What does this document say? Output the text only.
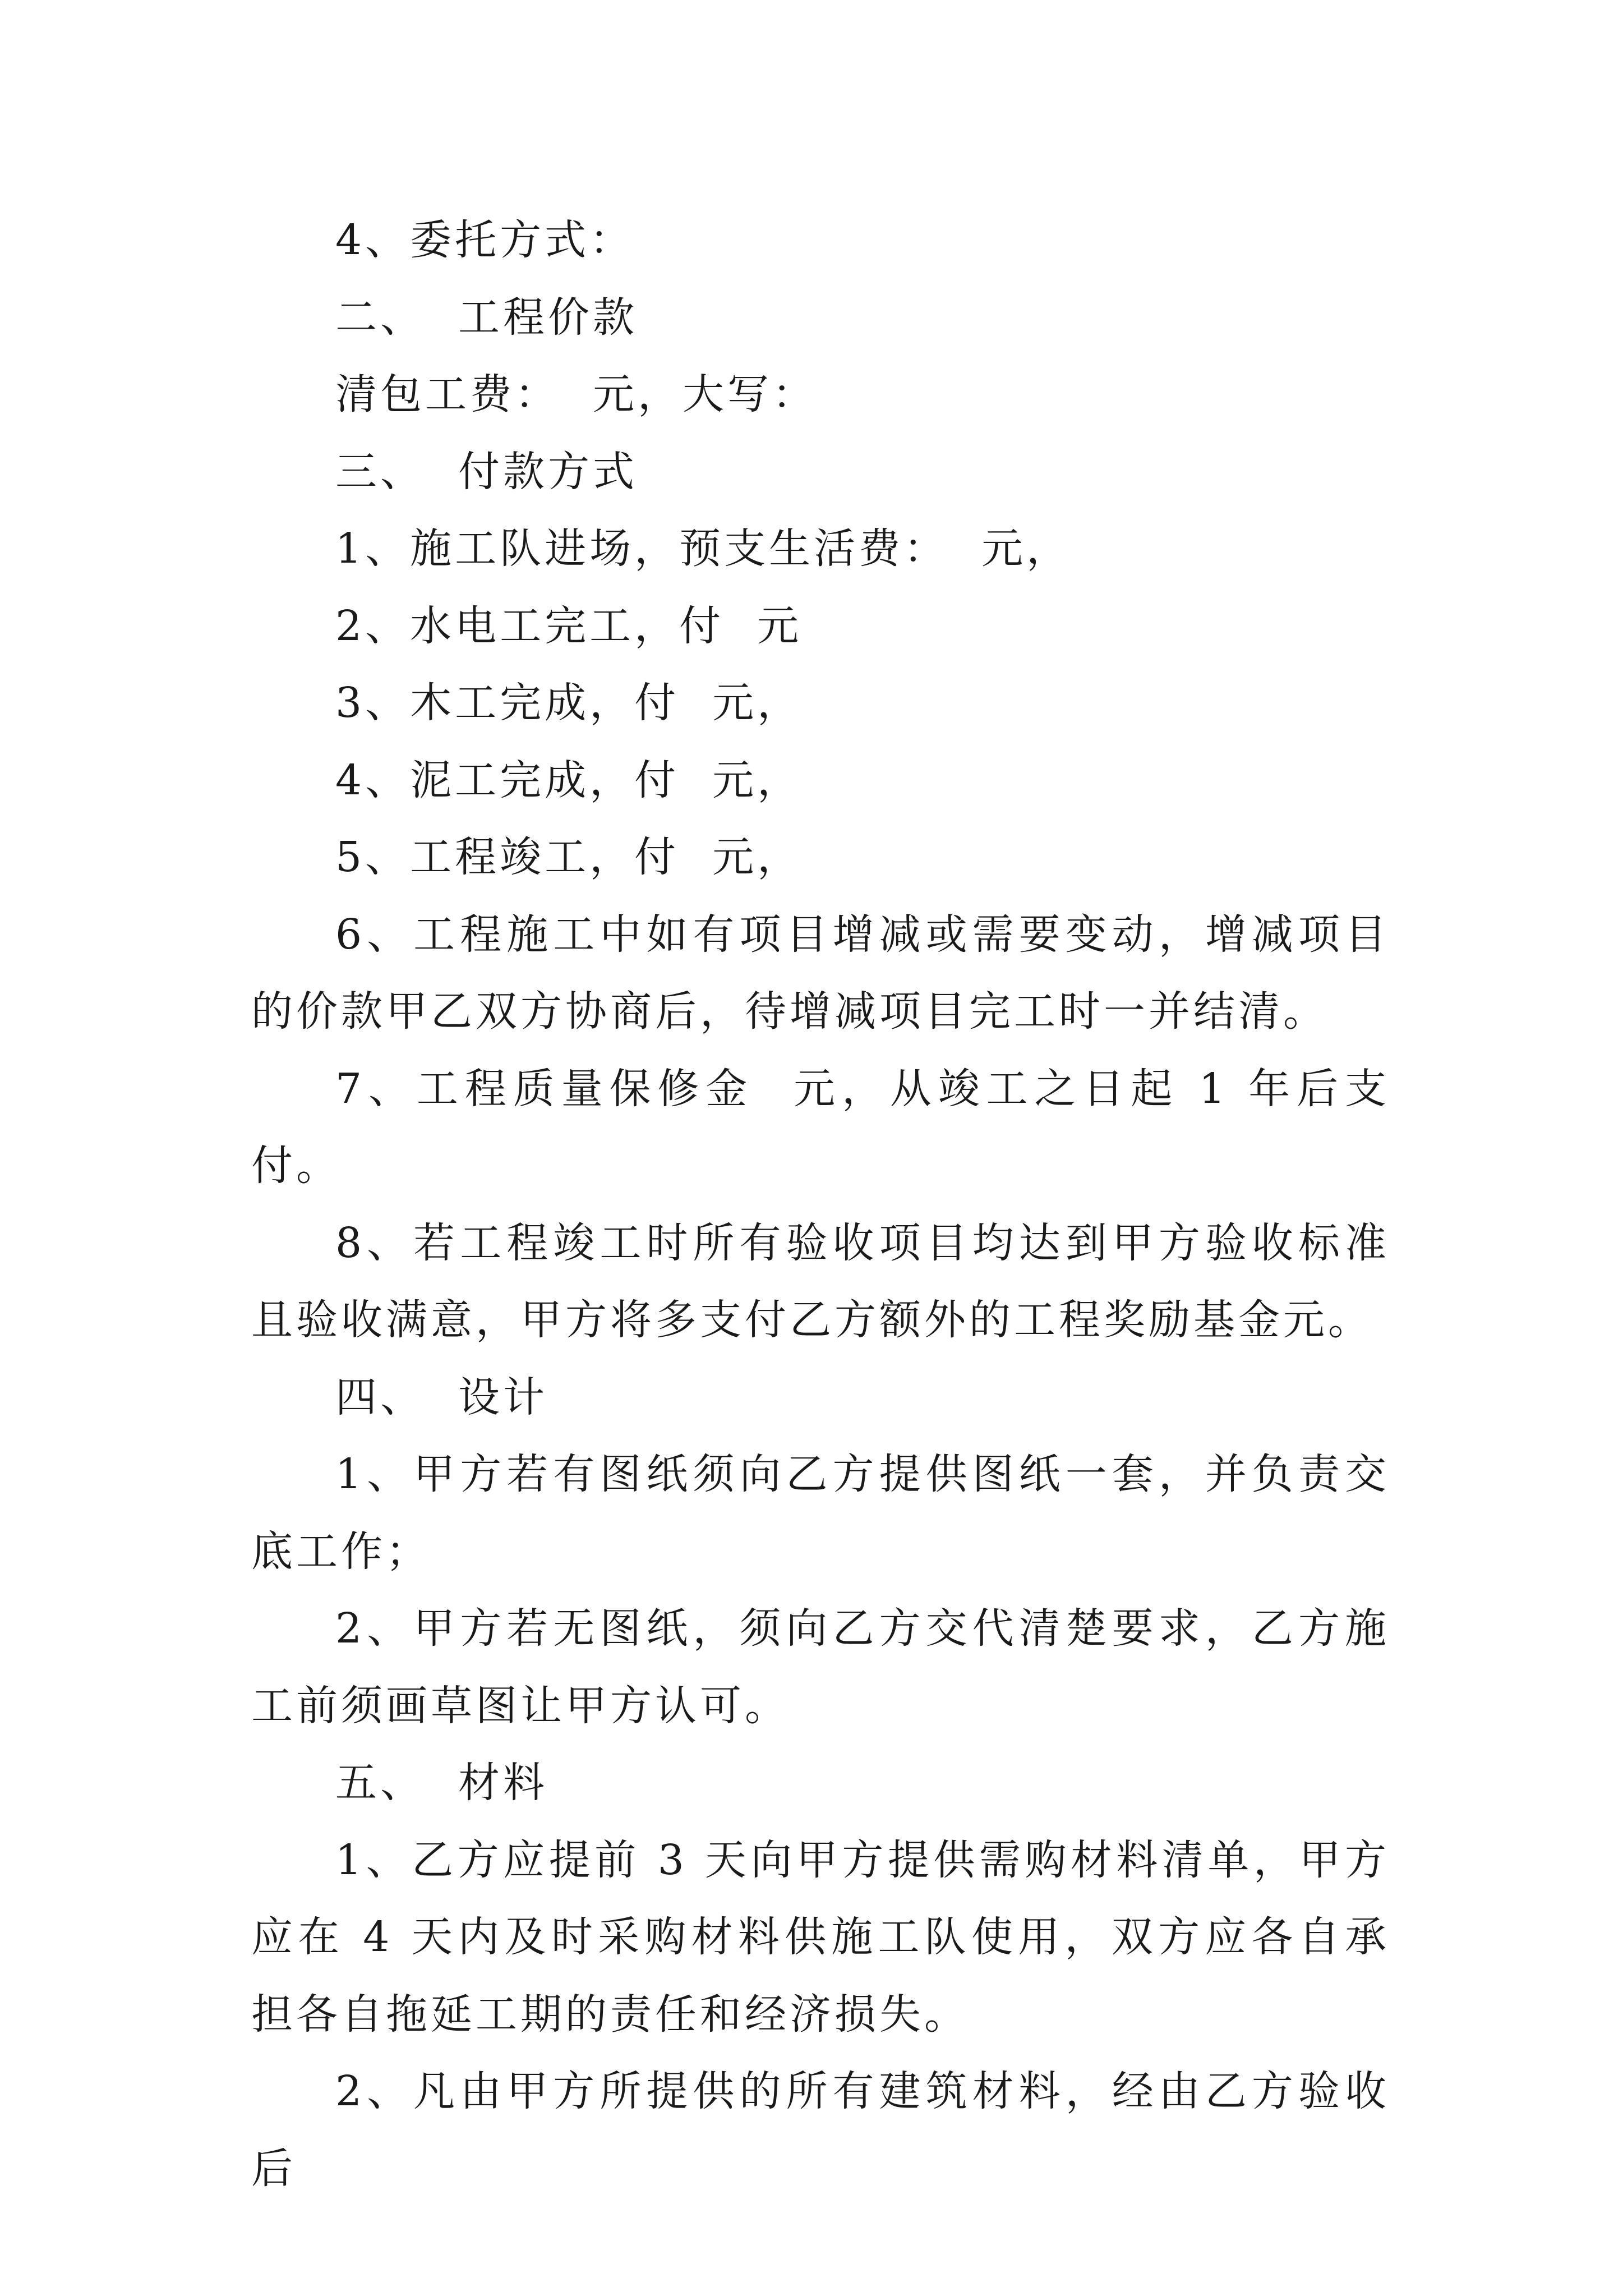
4、委托方式：

二、  工程价款

清包工费：  元，大写：

三、  付款方式

1、施工队进场，预支生活费：  元，

2、水电工完工，付  元

3、木工完成，付  元，

4、泥工完成，付  元，

5、工程竣工，付  元，

6、工程施工中如有项目增减或需要变动，增减项目的价款甲乙双方协商后，待增减项目完工时一并结清。

7、工程质量保修金  元，从竣工之日起 1 年后支付。

8、若工程竣工时所有验收项目均达到甲方验收标准且验收满意，甲方将多支付乙方额外的工程奖励基金元。

四、  设计

1、甲方若有图纸须向乙方提供图纸一套，并负责交底工作；

2、甲方若无图纸，须向乙方交代清楚要求，乙方施工前须画草图让甲方认可。

五、  材料

1、乙方应提前 3 天向甲方提供需购材料清单，甲方应在 4 天内及时采购材料供施工队使用，双方应各自承担各自拖延工期的责任和经济损失。

2、凡由甲方所提供的所有建筑材料，经由乙方验收后
